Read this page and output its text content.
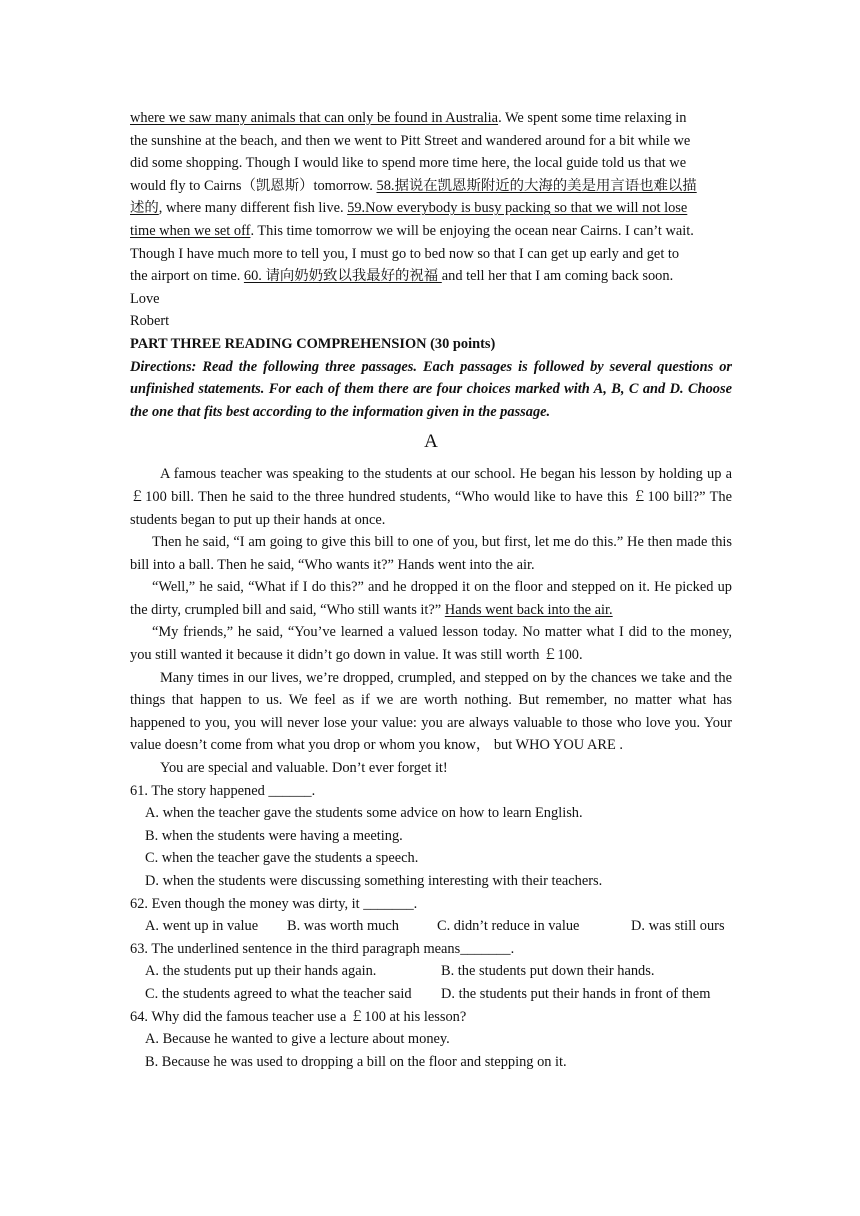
where we saw many animals that can only be found in Australia. We spent some time relaxing in

the sunshine at the beach, and then we went to Pitt Street and wandered around for a bit while we

did some shopping. Though I would like to spend more time here, the local guide told us that we

would fly to Cairns（凯恩斯）tomorrow. 58.据说在凯恩斯附近的大海的美是用言语也难以描

述的, where many different fish live. 59.Now everybody is busy packing so that we will not lose

time when we set off. This time tomorrow we will be enjoying the ocean near Cairns. I can’t wait.

Though I have much more to tell you, I must go to bed now so that I can get up early and get to

the airport on time. 60. 请向奶奶致以我最好的祝福 and tell her that I am coming back soon.

Love

Robert

PART THREE READING COMPREHENSION (30 points)

Directions: Read the following three passages. Each passages is followed by several questions or unfinished statements. For each of them there are four choices marked with A, B, C and D. Choose the one that fits best according to the information given in the passage.

A

A famous teacher was speaking to the students at our school. He began his lesson by holding up a ￡100 bill. Then he said to the three hundred students, “Who would like to have this ￡100 bill?” The students began to put up their hands at once.

Then he said, “I am going to give this bill to one of you, but first, let me do this.” He then made this bill into a ball. Then he said, “Who wants it?” Hands went into the air.

“Well,” he said, “What if I do this?” and he dropped it on the floor and stepped on it. He picked up the dirty, crumpled bill and said, “Who still wants it?” Hands went back into the air.

“My friends,” he said, “You’ve learned a valued lesson today. No matter what I did to the money, you still wanted it because it didn’t go down in value. It was still worth ￡100.

Many times in our lives, we’re dropped, crumpled, and stepped on by the chances we take and the things that happen to us. We feel as if we are worth nothing. But remember, no matter what has happened to you, you will never lose your value: you are always valuable to those who love you. Your value doesn’t come from what you drop or whom you know， but WHO YOU ARE .

You are special and valuable. Don’t ever forget it!

61. The story happened ______.

A. when the teacher gave the students some advice on how to learn English.

B. when the students were having a meeting.

C. when the teacher gave the students a speech.

D. when the students were discussing something interesting with their teachers.

62. Even though the money was dirty, it _______.

A. went up in value	B. was worth much	C. didn’t reduce in value	D. was still ours

63. The underlined sentence in the third paragraph means_______.

A. the students put up their hands again.	B. the students put down their hands.
C. the students agreed to what the teacher said	D. the students put their hands in front of them

64. Why did the famous teacher use a ￡100 at his lesson?

A. Because he wanted to give a lecture about money.

B. Because he was used to dropping a bill on the floor and stepping on it.
